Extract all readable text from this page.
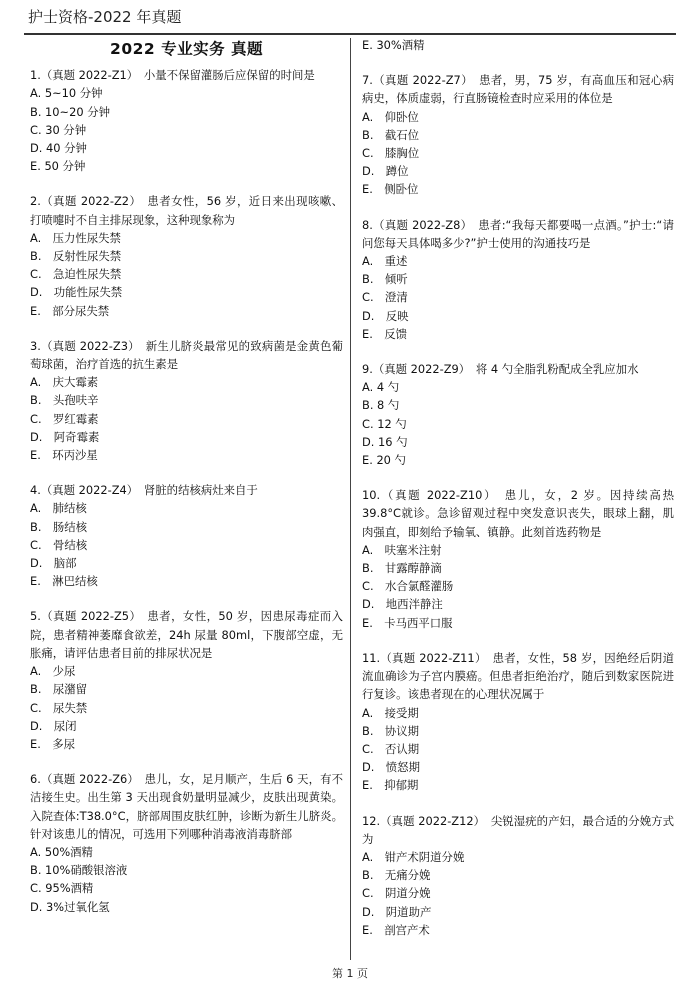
护士资格-2022 年真题
2022 专业实务 真题
1.（真题 2022-Z1）　小量不保留灌肠后应保留的时间是
A. 5~10 分钟
B. 10~20 分钟
C. 30 分钟
D. 40 分钟
E. 50 分钟
2.（真题 2022-Z2）　患者女性，56 岁，近日来出现咳嗽、打喷嚏时不自主排尿现象，这种现象称为
A.　压力性尿失禁
B.　反射性尿失禁
C.　急迫性尿失禁
D.　功能性尿失禁
E.　部分尿失禁
3.（真题 2022-Z3）　新生儿脐炎最常见的致病菌是金黄色葡萄球菌，治疗首选的抗生素是
A.　庆大霉素
B.　头孢呋辛
C.　罗红霉素
D.　阿奇霉素
E.　环丙沙星
4.（真题 2022-Z4）　肾脏的结核病灶来自于
A.　肺结核
B.　肠结核
C.　骨结核
D.　脑部
E.　淋巴结核
5.（真题 2022-Z5）　患者，女性，50 岁，因患尿毒症而入院，患者精神萎靡食欲差，24h 尿量 80ml，下腹部空虚，无胀痛，请评估患者目前的排尿状况是
A.　少尿
B.　尿潴留
C.　尿失禁
D.　尿闭
E.　多尿
6.（真题 2022-Z6）　患儿，女，足月顺产，生后 6 天，有不洁接生史。出生第 3 天出现食奶量明显减少，皮肤出现黄染。入院查体:T38.0°C，脐部周围皮肤红肿，诊断为新生儿脐炎。针对该患儿的情况，可选用下列哪种消毒液消毒脐部
A. 50%酒精
B. 10%硝酸银溶液
C. 95%酒精
D. 3%过氧化氢
E. 30%酒精
7.（真题 2022-Z7）　患者，男，75 岁，有高血压和冠心病病史，体质虚弱，行直肠镜检查时应采用的体位是
A.　仰卧位
B.　截石位
C.　膝胸位
D.　蹲位
E.　侧卧位
8.（真题 2022-Z8）　患者:“我每天都要喝一点酒。”护士:“请问您每天具体喝多少?”护士使用的沟通技巧是
A.　重述
B.　倾听
C.　澄清
D.　反映
E.　反馈
9.（真题 2022-Z9）　将 4 勺全脂乳粉配成全乳应加水
A. 4 勺
B. 8 勺
C. 12 勺
D. 16 勺
E. 20 勺
10.（真题 2022-Z10）　患儿，女，2 岁。因持续高热 39.8°C就诊。急诊留观过程中突发意识丧失，眼球上翻，肌肉强直，即刻给予输氧、镇静。此刻首选药物是
A.　呋塞米注射
B.　甘露醇静滴
C.　水合氯醛灌肠
D.　地西泮静注
E.　卡马西平口服
11.（真题 2022-Z11）　患者，女性，58 岁，因绝经后阴道流血确诊为子宫内膜癌。但患者拒绝治疗，随后到数家医院进行复诊。该患者现在的心理状况属于
A.　接受期
B.　协议期
C.　否认期
D.　愤怒期
E.　抑郁期
12.（真题 2022-Z12）　尖锐湿疣的产妇，最合适的分娩方式为
A.　钳产术阴道分娩
B.　无痛分娩
C.　阴道分娩
D.　阴道助产
E.　剖宫产术
第 1 页
